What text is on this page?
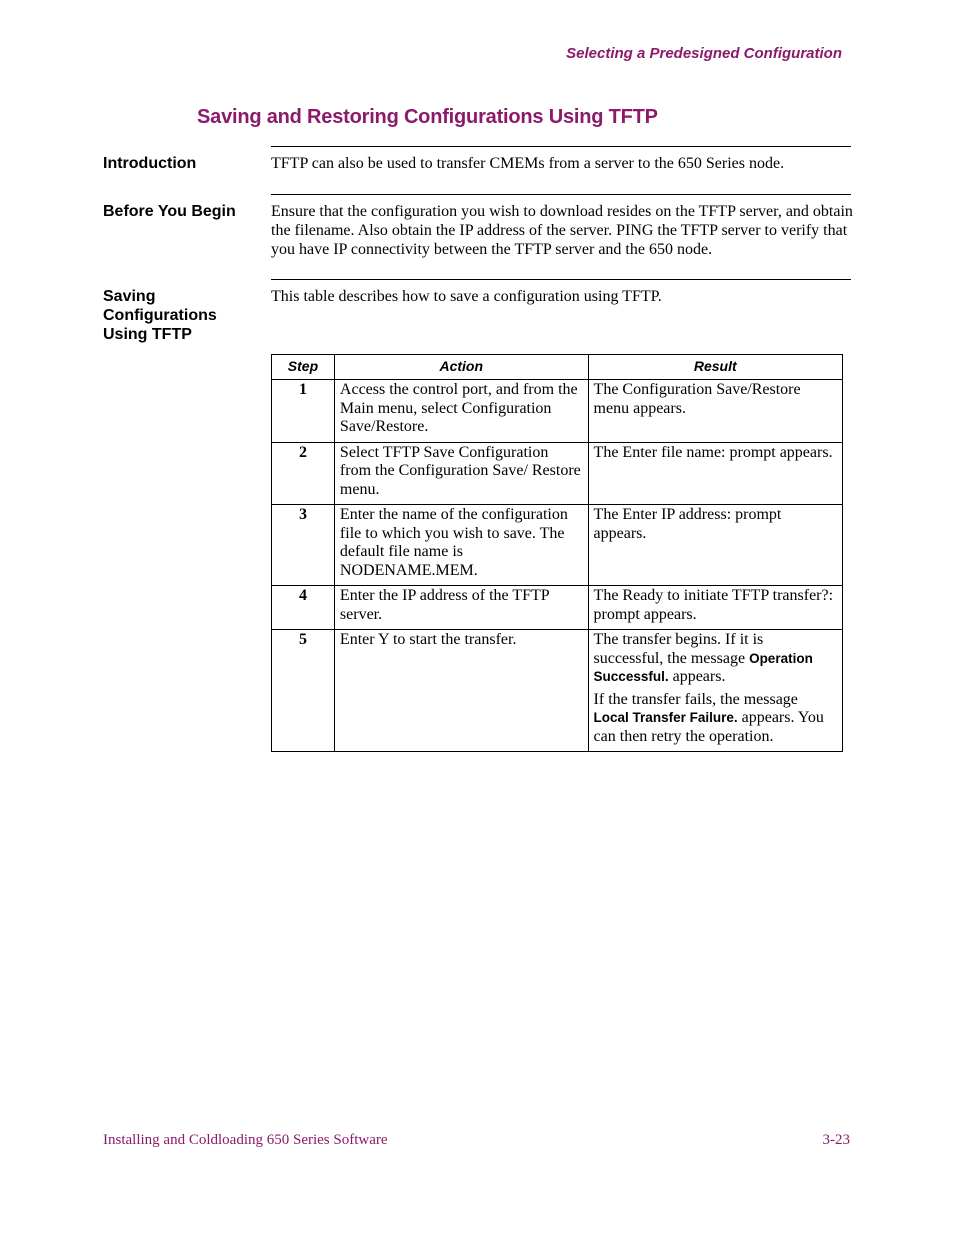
Selecting a Predesigned Configuration
Saving and Restoring Configurations Using TFTP
Introduction	TFTP can also be used to transfer CMEMs from a server to the 650 Series node.
Before You Begin	Ensure that the configuration you wish to download resides on the TFTP server, and obtain the filename. Also obtain the IP address of the server. PING the TFTP server to verify that you have IP connectivity between the TFTP server and the 650 node.
Saving Configurations Using TFTP
This table describes how to save a configuration using TFTP.
Step	Action	Result
1	Access the control port, and from the Main menu, select Configuration Save/Restore.	The Configuration Save/Restore menu appears.
2	Select TFTP Save Configuration from the Configuration Save/ Restore menu.	The Enter file name: prompt appears.
3	Enter the name of the configuration file to which you wish to save. The default file name is NODENAME.MEM.	The Enter IP address: prompt appears.
4	Enter the IP address of the TFTP server.	The Ready to initiate TFTP transfer?: prompt appears.
5	Enter Y to start the transfer.	The transfer begins. If it is successful, the message Operation Successful. appears.
If the transfer fails, the message Local Transfer Failure. appears. You can then retry the operation.
Installing and Coldloading 650 Series Software	3-23
